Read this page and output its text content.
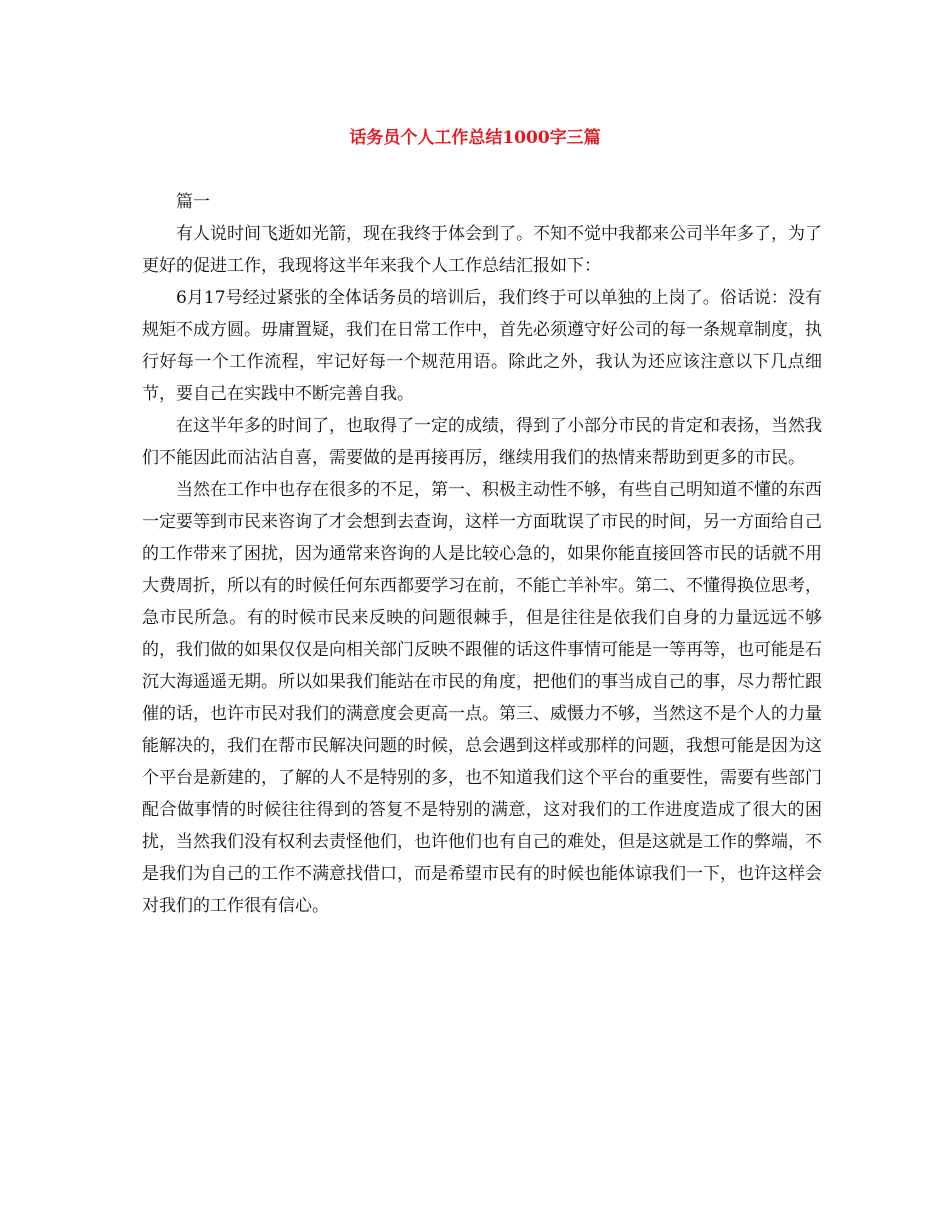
话务员个人工作总结1000字三篇

篇一

有人说时间飞逝如光箭，现在我终于体会到了。不知不觉中我都来公司半年多了，为了更好的促进工作，我现将这半年来我个人工作总结汇报如下：

6月17号经过紧张的全体话务员的培训后，我们终于可以单独的上岗了。俗话说：没有规矩不成方圆。毋庸置疑，我们在日常工作中，首先必须遵守好公司的每一条规章制度，执行好每一个工作流程，牢记好每一个规范用语。除此之外，我认为还应该注意以下几点细节，要自己在实践中不断完善自我。

在这半年多的时间了，也取得了一定的成绩，得到了小部分市民的肯定和表扬，当然我们不能因此而沾沾自喜，需要做的是再接再厉，继续用我们的热情来帮助到更多的市民。

当然在工作中也存在很多的不足，第一、积极主动性不够，有些自己明知道不懂的东西一定要等到市民来咨询了才会想到去查询，这样一方面耽误了市民的时间，另一方面给自己的工作带来了困扰，因为通常来咨询的人是比较心急的，如果你能直接回答市民的话就不用大费周折，所以有的时候任何东西都要学习在前，不能亡羊补牢。第二、不懂得换位思考，急市民所急。有的时候市民来反映的问题很棘手，但是往往是依我们自身的力量远远不够的，我们做的如果仅仅是向相关部门反映不跟催的话这件事情可能是一等再等，也可能是石沉大海遥遥无期。所以如果我们能站在市民的角度，把他们的事当成自己的事，尽力帮忙跟催的话，也许市民对我们的满意度会更高一点。第三、威慑力不够，当然这不是个人的力量能解决的，我们在帮市民解决问题的时候，总会遇到这样或那样的问题，我想可能是因为这个平台是新建的，了解的人不是特别的多，也不知道我们这个平台的重要性，需要有些部门配合做事情的时候往往得到的答复不是特别的满意，这对我们的工作进度造成了很大的困扰，当然我们没有权利去责怪他们，也许他们也有自己的难处，但是这就是工作的弊端，不是我们为自己的工作不满意找借口，而是希望市民有的时候也能体谅我们一下，也许这样会对我们的工作很有信心。
